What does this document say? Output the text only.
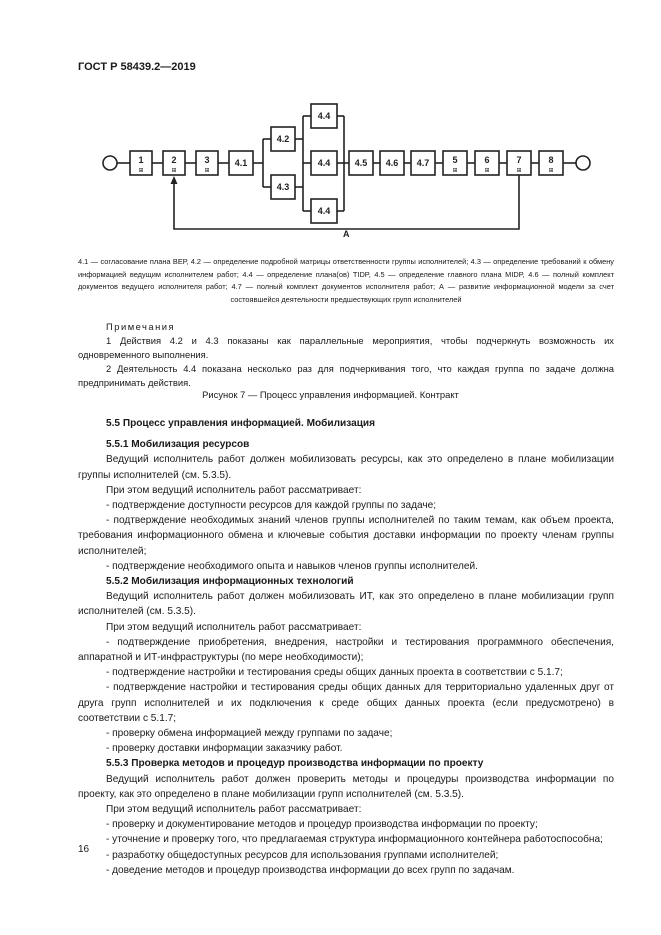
ГОСТ Р 58439.2—2019
A
1
⊞
2
⊞
3
⊞
4.1
4.2
4.3
4.4
4.4
4.4
4.5 4.6 4.7	5
⊞
6
⊞
7
⊞
8
⊞
4.1 — согласование плана ВЕР, 4.2 — определение подробной матрицы ответственности группы исполнителей; 4.3 — определение требований к обмену информацией ведущим исполнителем работ; 4.4 — определение плана(ов) TIDP, 4.5 — определение главного плана MIDP, 4.6 — полный комплект документов ведущего исполнителя работ; 4.7 — полный комплект документов исполнителя работ; А — развитие информационной модели за счет состоявшейся деятельности предшествующих групп исполнителей

Примечания

1 Действия 4.2 и 4.3 показаны как параллельные мероприятия, чтобы подчеркнуть возможность их одновременного выполнения.

2 Деятельность 4.4 показана несколько раз для подчеркивания того, что каждая группа по задаче должна предпринимать действия.

Рисунок 7 — Процесс управления информацией. Контракт
5.5 Процесс управления информацией. Мобилизация
5.5.1 Мобилизация ресурсов

Ведущий исполнитель работ должен мобилизовать ресурсы, как это определено в плане мобилизации группы исполнителей (см. 5.3.5).

При этом ведущий исполнитель работ рассматривает:

- подтверждение доступности ресурсов для каждой группы по задаче;

- подтверждение необходимых знаний членов группы исполнителей по таким темам, как объем проекта, требования информационного обмена и ключевые события доставки информации по проекту членам группы исполнителей;

- подтверждение необходимого опыта и навыков членов группы исполнителей.

5.5.2 Мобилизация информационных технологий

Ведущий исполнитель работ должен мобилизовать ИТ, как это определено в плане мобилизации групп исполнителей (см. 5.3.5).

При этом ведущий исполнитель работ рассматривает:

- подтверждение приобретения, внедрения, настройки и тестирования программного обеспечения, аппаратной и ИТ-инфраструктуры (по мере необходимости);

- подтверждение настройки и тестирования среды общих данных проекта в соответствии с 5.1.7;

- подтверждение настройки и тестирования среды общих данных для территориально удаленных друг от друга групп исполнителей и их подключения к среде общих данных проекта (если предусмотрено) в соответствии с 5.1.7;

- проверку обмена информацией между группами по задаче;

- проверку доставки информации заказчику работ.

5.5.3 Проверка методов и процедур производства информации по проекту

Ведущий исполнитель работ должен проверить методы и процедуры производства информации по проекту, как это определено в плане мобилизации групп исполнителей (см. 5.3.5).

При этом ведущий исполнитель работ рассматривает:

- проверку и документирование методов и процедур производства информации по проекту;

- уточнение и проверку того, что предлагаемая структура информационного контейнера работоспособна;

- разработку общедоступных ресурсов для использования группами исполнителей;

- доведение методов и процедур производства информации до всех групп по задачам.

16
